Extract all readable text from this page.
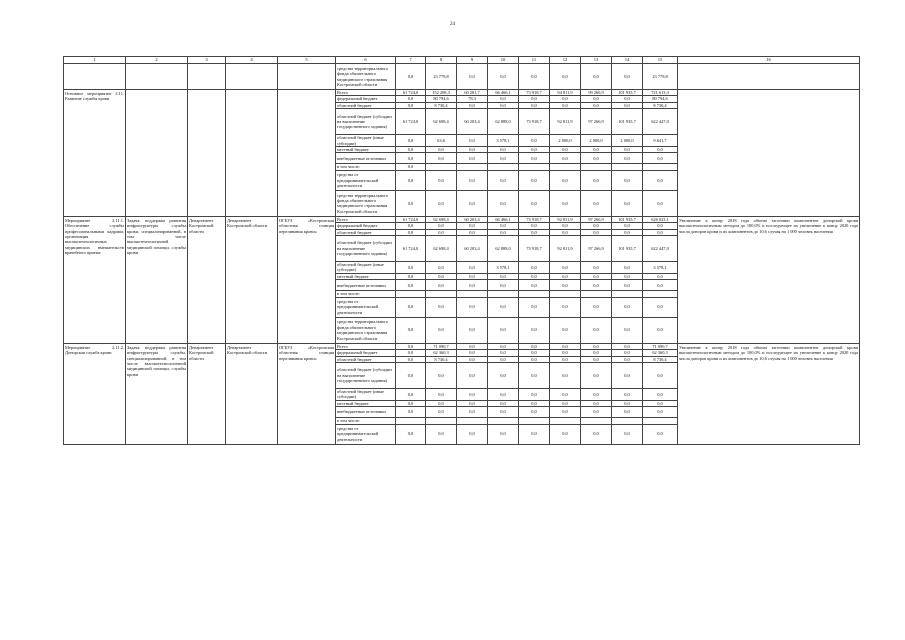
24
1	2	3	4	5	6	7	8	9	10	11	12	13	14	15	16
					средства территориального фонда обязательного медицинского страхования Костромской области	0,0	23 779,8	0,0	0,0	0,0	0,0	0,0	0,0	23 779,8	
Основное мероприятие 2.11. Развитие службы крови					Всего	61 724,0	152 208,3	60 281,7	66 466,1	73 918,7	94 811,9	99 266,9	101 935,7	721 613,3	
					федеральный бюджет	0,0	80 794,6	78,3	0,0	0,0	0,0	0,0	0,0	80 794,6	
					областной бюджет	0,0	8 730,4	0,0	0,0	0,0	0,0	0,0	0,0	8 730,4	
					областной бюджет (субсидии на выполнение государственного задания)	61 724,0	62 698,4	60 203,4	62 888,0	73 918,7	92 811,9	97 266,9	101 935,7	622 447,0	
					областной бюджет (иные субсидии)	0,0	63,6	0,0	3 578,1	0,0	2 000,0	2 000,0	2 000,0	9 641,7	
					местный бюджет	0,0	0,0	0,0	0,0	0,0	0,0	0,0	0,0	0,0	
					внебюджетные источники	0,0	0,0	0,0	0,0	0,0	0,0	0,0	0,0	0,0	
					в том числе:	0,0									
					средства от предпринимательской деятельности	0,0	0,0	0,0	0,0	0,0	0,0	0,0	0,0	0,0	
					средства территориального фонда обязательного медицинского страхования Костромской области	0,0	0,0	0,0	0,0	0,0	0,0	0,0	0,0	0,0	
Мероприятие 2.11.1. Обеспечение службы профессиональными кадрами, организация высокотехнологичных медицинских вмешательств врачебного приема	Задача: поддержка развития инфраструктуры службы крови, специализированной, в том числе высокотехнологичной медицинской помощи, службы крови	Департамент Костромской области	Департамент Костромской области	ОГБУЗ «Костромская областная станция переливания крови»	Всего	61 724,0	62 698,4	60 203,4	66 466,1	73 918,7	92 811,9	97 266,9	101 935,7	626 023,1	Увеличение к концу 2018 года объема заготовки компонентов донорской крови высокотехнологичным методом до 100,0% и последующее их увеличение к концу 2020 года числа доноров крови и их компонентов до 10,6 случая на 1 000 человек населения
					федеральный бюджет	0,0	0,0	0,0	0,0	0,0	0,0	0,0	0,0	0,0	
					областной бюджет	0,0	0,0	0,0	0,0	0,0	0,0	0,0	0,0	0,0	
					областной бюджет (субсидии на выполнение государственного задания)	61 724,0	62 698,4	60 203,4	62 888,0	73 918,7	92 811,9	97 266,9	101 935,7	622 447,0	
					областной бюджет (иные субсидии)	0,0	0,0	0,0	3 578,1	0,0	0,0	0,0	0,0	3 578,1	
					местный бюджет	0,0	0,0	0,0	0,0	0,0	0,0	0,0	0,0	0,0	
					внебюджетные источники	0,0	0,0	0,0	0,0	0,0	0,0	0,0	0,0	0,0	
					в том числе:										
					средства от предпринимательской деятельности	0,0	0,0	0,0	0,0	0,0	0,0	0,0	0,0	0,0	
					средства территориального фонда обязательного медицинского страхования Костромской области	0,0	0,0	0,0	0,0	0,0	0,0	0,0	0,0	0,0	
Мероприятие 2.11.2. Донорская служба крови	Задача: поддержка развития инфраструктуры службы, специализированной, в том числе высокотехнологичной медицинской помощи, службы крови	Департамент Костромской области	Департамент Костромской области	ОГБУЗ «Костромская областная станция переливания крови»	Всего	0,0	71 090,7	0,0	0,0	0,0	0,0	0,0	0,0	71 090,7	Увеличение к концу 2018 года объема заготовки компонентов донорской крови высокотехнологичным методом до 100,0% и последующее их увеличение к концу 2020 года числа доноров крови и их компонентов до 10,6 случая на 1 000 человек населения
					федеральный бюджет	0,0	62 360,3	0,0	0,0	0,0	0,0	0,0	0,0	62 360,3	
					областной бюджет	0,0	8 730,4	0,0	0,0	0,0	0,0	0,0	0,0	8 730,4	
					областной бюджет (субсидии на выполнение государственного задания)	0,0	0,0	0,0	0,0	0,0	0,0	0,0	0,0	0,0	
					областной бюджет (иные субсидии)	0,0	0,0	0,0	0,0	0,0	0,0	0,0	0,0	0,0	
					местный бюджет	0,0	0,0	0,0	0,0	0,0	0,0	0,0	0,0	0,0	
					внебюджетные источники	0,0	0,0	0,0	0,0	0,0	0,0	0,0	0,0	0,0	
					в том числе:										
					средства от предпринимательской деятельности	0,0	0,0	0,0	0,0	0,0	0,0	0,0	0,0	0,0	
·
